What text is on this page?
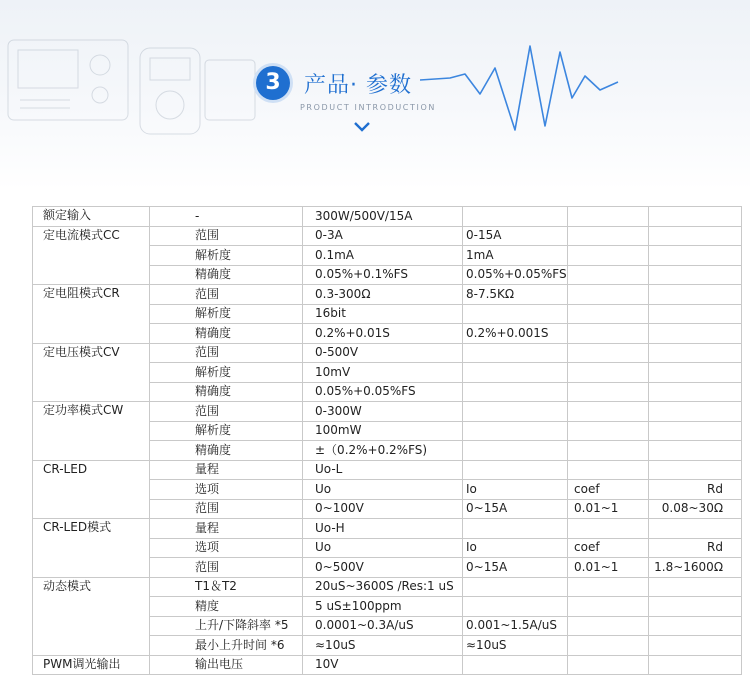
3	产品· 参数
PRODUCT INTRODUCTION
额定输入	-	300W/500V/15A			
定电流模式CC	范围	0-3A	0-15A		
	解析度	0.1mA	1mA		
	精确度	0.05%+0.1%FS	0.05%+0.05%FS		
定电阻模式CR	范围	0.3-300Ω	8-7.5KΩ		
	解析度	16bit			
	精确度	0.2%+0.01S	0.2%+0.001S		
定电压模式CV	范围	0-500V			
	解析度	10mV			
	精确度	0.05%+0.05%FS			
定功率模式CW	范围	0-300W			
	解析度	100mW			
	精确度	±（0.2%+0.2%FS)			
CR-LED	量程	Uo-L			
	选项	Uo	Io	coef	Rd
	范围	0~100V	0~15A	0.01~1	0.08~30Ω
CR-LED模式	量程	Uo-H			
	选项	Uo	Io	coef	Rd
	范围	0~500V	0~15A	0.01~1	1.8~1600Ω
动态模式	T1＆T2	20uS~3600S /Res:1 uS			
	精度	5 uS±100ppm			
	上升/下降斜率 *5	0.0001~0.3A/uS	0.001~1.5A/uS		
	最小上升时间 *6	≈10uS	≈10uS		
PWM调光输出	输出电压	10V			
